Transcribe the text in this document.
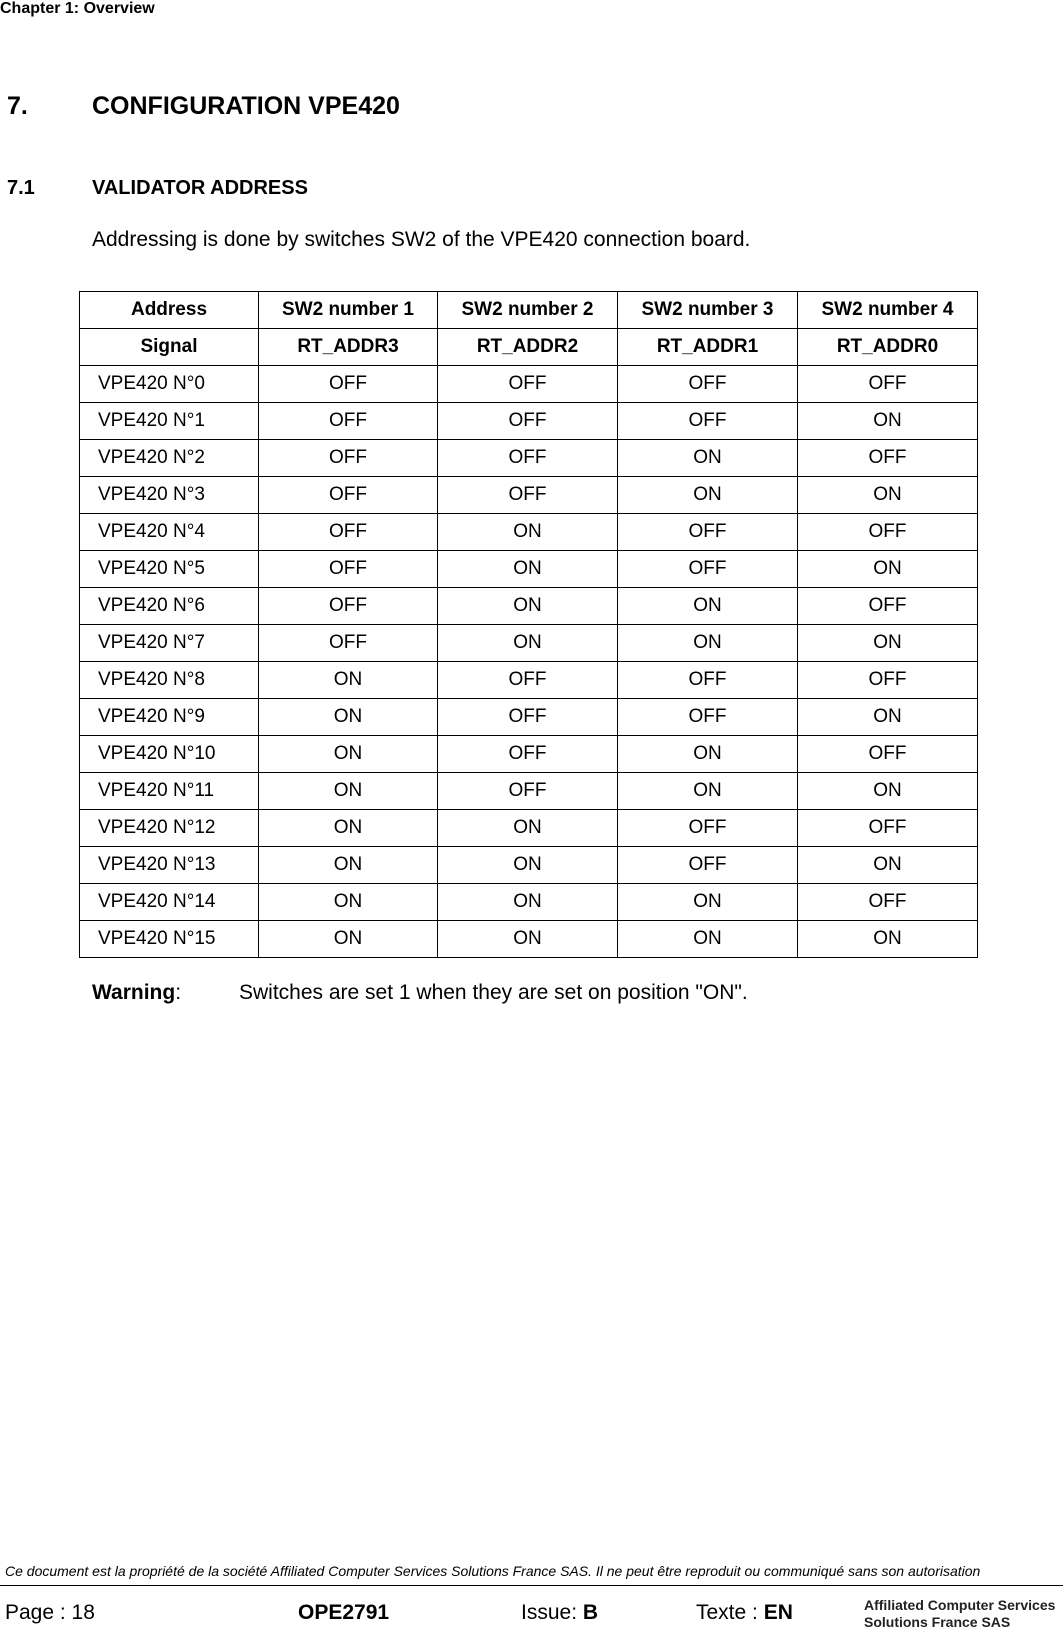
Chapter 1: Overview
7.	CONFIGURATION VPE420
7.1	VALIDATOR ADDRESS
Addressing is done by switches SW2 of the VPE420 connection board.
Address	SW2 number 1	SW2 number 2	SW2 number 3	SW2 number 4
Signal	RT_ADDR3	RT_ADDR2	RT_ADDR1	RT_ADDR0
VPE420 N°0	OFF	OFF	OFF	OFF
VPE420 N°1	OFF	OFF	OFF	ON
VPE420 N°2	OFF	OFF	ON	OFF
VPE420 N°3	OFF	OFF	ON	ON
VPE420 N°4	OFF	ON	OFF	OFF
VPE420 N°5	OFF	ON	OFF	ON
VPE420 N°6	OFF	ON	ON	OFF
VPE420 N°7	OFF	ON	ON	ON
VPE420 N°8	ON	OFF	OFF	OFF
VPE420 N°9	ON	OFF	OFF	ON
VPE420 N°10	ON	OFF	ON	OFF
VPE420 N°11	ON	OFF	ON	ON
VPE420 N°12	ON	ON	OFF	OFF
VPE420 N°13	ON	ON	OFF	ON
VPE420 N°14	ON	ON	ON	OFF
VPE420 N°15	ON	ON	ON	ON
Warning:	Switches are set 1 when they are set on position "ON".
Ce document est la propriété de la société Affiliated Computer Services Solutions France SAS. Il ne peut être reproduit ou communiqué sans son autorisation
Page : 18	OPE2791	Issue: B	Texte : EN	Affiliated Computer Services
Solutions France SAS
